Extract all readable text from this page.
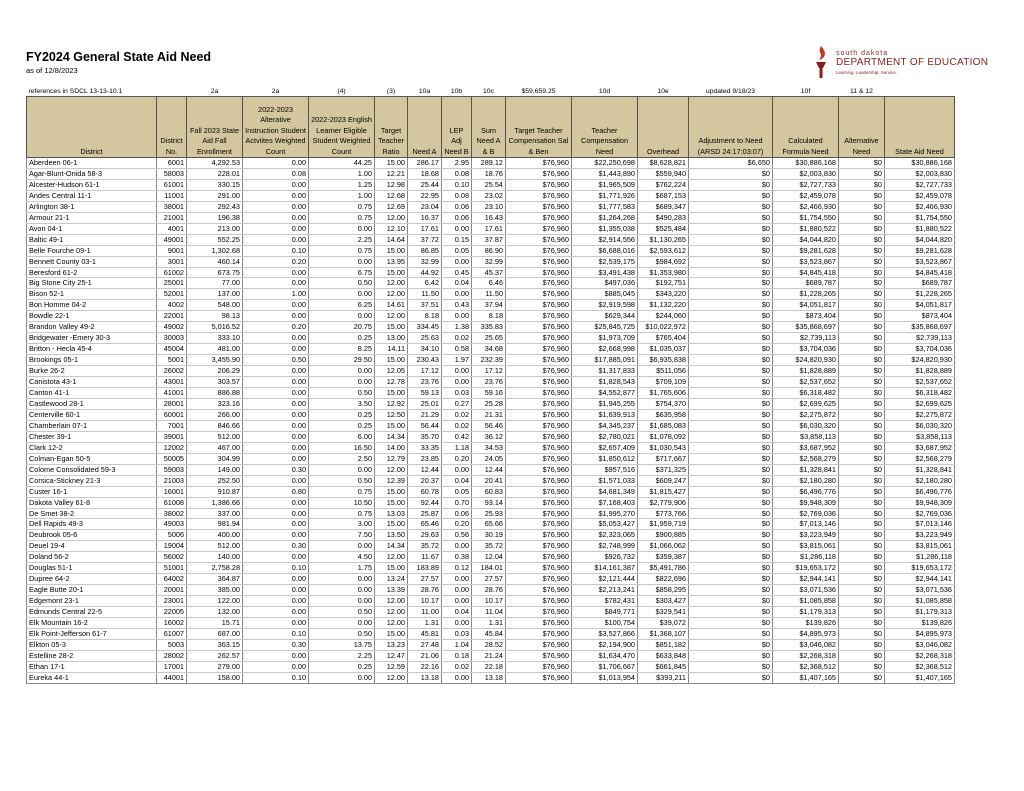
FY2024 General State Aid Need
as of 12/8/2023
south dakota
DEPARTMENT OF EDUCATION
Learning. Leadership. Service.
references in SDCL 13-13-10.1		2a	2a	(4)	(3)	10a	10b	10c	$59,659.25	10d	10e	updated 9/18/23	10f	11 & 12	
District	District No.	Fall 2023 State Aid Fall Enrollment	2022-2023 Alterative Instruction Student Actviites Weighted Count	2022-2023 English Learner Eligible Student Weighted Count	Target Teacher Ratio	Need A	LEP Adj Need B	Sum Need A & B	Target Teacher Compensation Sal & Ben	Teacher Compensation Need	Overhead	Adjustment to Need (ARSD 24:17:03:07)	Calculated Formula Need	Alternative Need	State Aid Need
Aberdeen 06-1	6001	4,292.53	0.00	44.25	15.00	286.17	2.95	289.12	$76,960	$22,250,698	$8,628,821	$6,650	$30,886,168	$0	$30,886,168
Agar-Blunt-Onida 58-3	58003	228.01	0.08	1.00	12.21	18.68	0.08	18.76	$76,960	$1,443,890	$559,940	$0	$2,003,830	$0	$2,003,830
Alcester-Hudson 61-1	61001	330.15	0.00	1.25	12.98	25.44	0.10	25.54	$76,960	$1,965,509	$762,224	$0	$2,727,733	$0	$2,727,733
Andes Central 11-1	11001	291.00	0.00	1.00	12.68	22.95	0.08	23.02	$76,960	$1,771,926	$687,153	$0	$2,459,078	$0	$2,459,078
Arlington 38-1	38001	292.43	0.00	0.75	12.69	23.04	0.06	23.10	$76,960	$1,777,583	$689,347	$0	$2,466,930	$0	$2,466,930
Armour 21-1	21001	196.38	0.00	0.75	12.00	16.37	0.06	16.43	$76,960	$1,264,268	$490,283	$0	$1,754,550	$0	$1,754,550
Avon 04-1	4001	213.00	0.00	0.00	12.10	17.61	0.00	17.61	$76,960	$1,355,038	$525,484	$0	$1,880,522	$0	$1,880,522
Baltic 49-1	49001	552.25	0.00	2.25	14.64	37.72	0.15	37.87	$76,960	$2,914,556	$1,130,265	$0	$4,044,820	$0	$4,044,820
Belle Fourche 09-1	9001	1,302.68	0.10	0.75	15.00	86.85	0.05	86.90	$76,960	$6,688,016	$2,593,612	$0	$9,281,628	$0	$9,281,628
Bennett County 03-1	3001	460.14	0.20	0.00	13.95	32.99	0.00	32.99	$76,960	$2,539,175	$984,692	$0	$3,523,867	$0	$3,523,867
Beresford 61-2	61002	673.75	0.00	6.75	15.00	44.92	0.45	45.37	$76,960	$3,491,438	$1,353,980	$0	$4,845,418	$0	$4,845,418
Big Stone City 25-1	25001	77.00	0.00	0.50	12.00	6.42	0.04	6.46	$76,960	$497,036	$192,751	$0	$689,787	$0	$689,787
Bison 52-1	52001	137.00	1.00	0.00	12.00	11.50	0.00	11.50	$76,960	$885,045	$343,220	$0	$1,228,265	$0	$1,228,265
Bon Homme 04-2	4002	548.00	0.00	6.25	14.61	37.51	0.43	37.94	$76,960	$2,919,598	$1,132,220	$0	$4,051,817	$0	$4,051,817
Bowdle 22-1	22001	98.13	0.00	0.00	12.00	8.18	0.00	8.18	$76,960	$629,344	$244,060	$0	$873,404	$0	$873,404
Brandon Valley 49-2	49002	5,016.52	0.20	20.75	15.00	334.45	1.38	335.83	$76,960	$25,845,725	$10,022,972	$0	$35,868,697	$0	$35,868,697
Bridgewater -Emery 30-3	30003	333.10	0.00	0.25	13.00	25.63	0.02	25.65	$76,960	$1,973,709	$765,404	$0	$2,739,113	$0	$2,739,113
Britton - Hecla 45-4	45004	481.00	0.00	8.25	14.11	34.10	0.58	34.68	$76,960	$2,668,998	$1,035,037	$0	$3,704,036	$0	$3,704,036
Brookings 05-1	5001	3,455.90	0.50	29.50	15.00	230.43	1.97	232.39	$76,960	$17,885,091	$6,935,838	$0	$24,820,930	$0	$24,820,930
Burke 26-2	26002	206.29	0.00	0.00	12.05	17.12	0.00	17.12	$76,960	$1,317,833	$511,056	$0	$1,828,889	$0	$1,828,889
Canistota 43-1	43001	303.57	0.00	0.00	12.78	23.76	0.00	23.76	$76,960	$1,828,543	$709,109	$0	$2,537,652	$0	$2,537,652
Canton 41-1	41001	886.88	0.00	0.50	15.00	59.13	0.03	59.16	$76,960	$4,552,877	$1,765,606	$0	$6,318,482	$0	$6,318,482
Castlewood 28-1	28001	323.16	0.00	3.50	12.92	25.01	0.27	25.28	$76,960	$1,945,255	$754,370	$0	$2,699,625	$0	$2,699,625
Centerville 60-1	60001	266.00	0.00	0.25	12.50	21.29	0.02	21.31	$76,960	$1,639,913	$635,958	$0	$2,275,872	$0	$2,275,872
Chamberlain 07-1	7001	846.66	0.00	0.25	15.00	56.44	0.02	56.46	$76,960	$4,345,237	$1,685,083	$0	$6,030,320	$0	$6,030,320
Chester 39-1	39001	512.00	0.00	6.00	14.34	35.70	0.42	36.12	$76,960	$2,780,021	$1,078,092	$0	$3,858,113	$0	$3,858,113
Clark 12-2	12002	467.00	0.00	16.50	14.00	33.35	1.18	34.53	$76,960	$2,657,409	$1,030,543	$0	$3,687,952	$0	$3,687,952
Colman-Egan 50-5	50005	304.99	0.00	2.50	12.79	23.85	0.20	24.05	$76,960	$1,850,612	$717,667	$0	$2,568,279	$0	$2,568,279
Colome Consolidated 59-3	59003	149.00	0.30	0.00	12.00	12.44	0.00	12.44	$76,960	$957,516	$371,325	$0	$1,328,841	$0	$1,328,841
Corsica-Stickney 21-3	21003	252.50	0.00	0.50	12.39	20.37	0.04	20.41	$76,960	$1,571,033	$609,247	$0	$2,180,280	$0	$2,180,280
Custer 16-1	16001	910.87	0.80	0.75	15.00	60.78	0.05	60.83	$76,960	$4,681,349	$1,815,427	$0	$6,496,776	$0	$6,496,776
Dakota Valley 61-8	61008	1,386.66	0.00	10.50	15.00	92.44	0.70	93.14	$76,960	$7,168,403	$2,779,906	$0	$9,948,309	$0	$9,948,309
De Smet 38-2	38002	337.00	0.00	0.75	13.03	25.87	0.06	25.93	$76,960	$1,995,270	$773,766	$0	$2,769,036	$0	$2,769,036
Dell Rapids 49-3	49003	981.94	0.00	3.00	15.00	65.46	0.20	65.66	$76,960	$5,053,427	$1,959,719	$0	$7,013,146	$0	$7,013,146
Deubrook 05-6	5006	400.00	0.00	7.50	13.50	29.63	0.56	30.19	$76,960	$2,323,065	$900,885	$0	$3,223,949	$0	$3,223,949
Deuel 19-4	19004	512.00	0.30	0.00	14.34	35.72	0.00	35.72	$76,960	$2,748,999	$1,066,062	$0	$3,815,061	$0	$3,815,061
Doland 56-2	56002	140.00	0.00	4.50	12.00	11.67	0.38	12.04	$76,960	$926,732	$359,387	$0	$1,286,118	$0	$1,286,118
Douglas 51-1	51001	2,758.28	0.10	1.75	15.00	183.89	0.12	184.01	$76,960	$14,161,387	$5,491,786	$0	$19,653,172	$0	$19,653,172
Dupree 64-2	64002	364.87	0.00	0.00	13.24	27.57	0.00	27.57	$76,960	$2,121,444	$822,696	$0	$2,944,141	$0	$2,944,141
Eagle Butte 20-1	20001	385.00	0.00	0.00	13.39	28.76	0.00	28.76	$76,960	$2,213,241	$858,295	$0	$3,071,536	$0	$3,071,536
Edgemont 23-1	23001	122.00	0.00	0.00	12.00	10.17	0.00	10.17	$76,960	$782,431	$303,427	$0	$1,085,858	$0	$1,085,858
Edmunds Central 22-5	22005	132.00	0.00	0.50	12.00	11.00	0.04	11.04	$76,960	$849,771	$329,541	$0	$1,179,313	$0	$1,179,313
Elk Mountain 16-2	16002	15.71	0.00	0.00	12.00	1.31	0.00	1.31	$76,960	$100,754	$39,072	$0	$139,826	$0	$139,826
Elk Point-Jefferson 61-7	61007	687.00	0.10	0.50	15.00	45.81	0.03	45.84	$76,960	$3,527,866	$1,368,107	$0	$4,895,973	$0	$4,895,973
Elkton 05-3	5003	363.15	0.30	13.75	13.23	27.48	1.04	28.52	$76,960	$2,194,900	$851,182	$0	$3,046,082	$0	$3,046,082
Estelline 28-2	28002	262.57	0.00	2.25	12.47	21.06	0.18	21.24	$76,960	$1,634,470	$633,848	$0	$2,268,318	$0	$2,268,318
Ethan 17-1	17001	279.00	0.00	0.25	12.59	22.16	0.02	22.18	$76,960	$1,706,667	$661,845	$0	$2,368,512	$0	$2,368,512
Eureka 44-1	44001	158.00	0.10	0.00	12.00	13.18	0.00	13.18	$76,960	$1,013,954	$393,211	$0	$1,407,165	$0	$1,407,165
